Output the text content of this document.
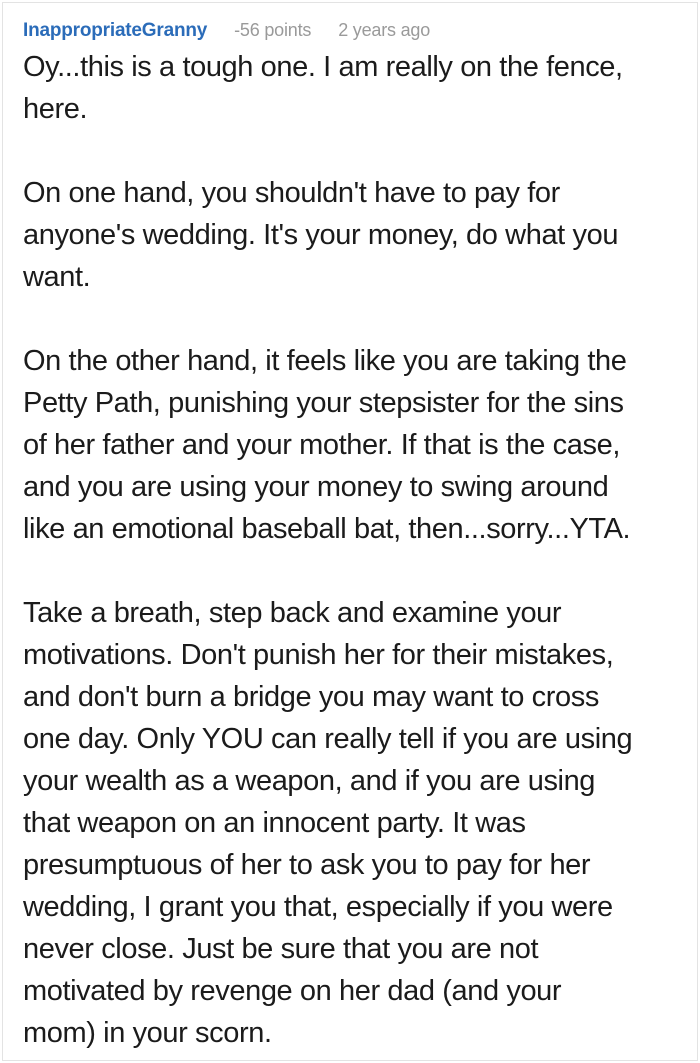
InappropriateGranny -56 points 2 years ago
Oy...this is a tough one. I am really on the fence,
here.
On one hand, you shouldn't have to pay for
anyone's wedding. It's your money, do what you
want.
On the other hand, it feels like you are taking the
Petty Path, punishing your stepsister for the sins
of her father and your mother. If that is the case,
and you are using your money to swing around
like an emotional baseball bat, then...sorry...YTA.
Take a breath, step back and examine your
motivations. Don't punish her for their mistakes,
and don't burn a bridge you may want to cross
one day. Only YOU can really tell if you are using
your wealth as a weapon, and if you are using
that weapon on an innocent party. It was
presumptuous of her to ask you to pay for her
wedding, I grant you that, especially if you were
never close. Just be sure that you are not
motivated by revenge on her dad (and your
mom) in your scorn.
